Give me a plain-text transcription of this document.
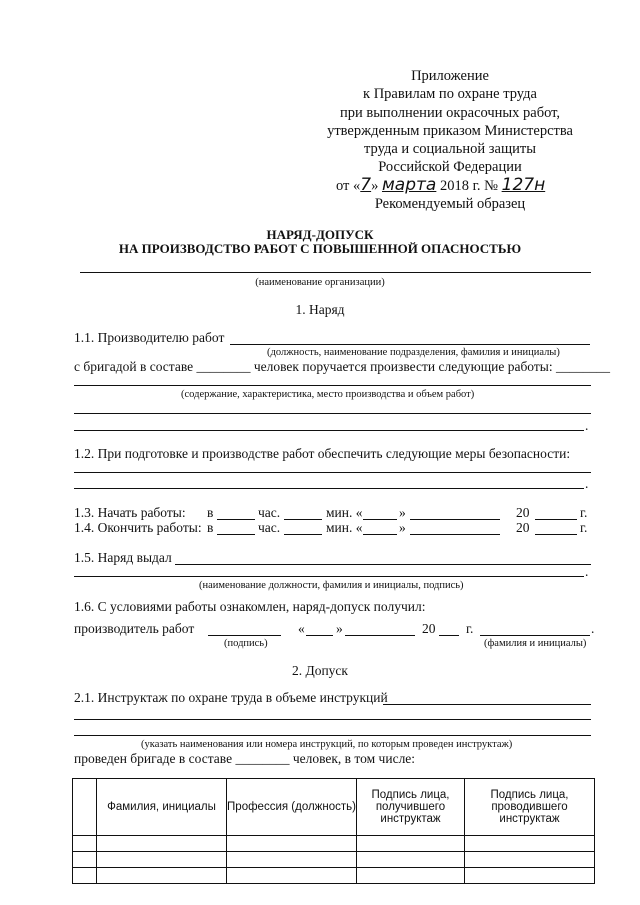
Приложение
к Правилам по охране труда
при выполнении окрасочных работ,
утвержденным приказом Министерства
труда и социальной защиты
Российской Федерации
от «7» марта 2018 г. № 127н
Рекомендуемый образец
НАРЯД-ДОПУСК
НА ПРОИЗВОДСТВО РАБОТ С ПОВЫШЕННОЙ ОПАСНОСТЬЮ
(наименование организации)
1. Наряд
1.1. Производителю работ
(должность, наименование подразделения, фамилия и инициалы)
с бригадой в составе ________ человек поручается произвести следующие работы: ________
(содержание, характеристика, место производства и объем работ)
.
1.2. При подготовке и производстве работ обеспечить следующие меры безопасности:
.
1.3. Начать работы: в	час.	мин. «	»	20	г.
1.4. Окончить работы: в	час.	мин. «	»	20	г.
1.5. Наряд выдал
.
(наименование должности, фамилия и инициалы, подпись)
1.6. С условиями работы ознакомлен, наряд-допуск получил:
производитель работ	« »	20 г.	.
(подпись)	(фамилия и инициалы)
2. Допуск
2.1. Инструктаж по охране труда в объеме инструкций
(указать наименования или номера инструкций, по которым проведен инструктаж)
проведен бригаде в составе ________ человек, в том числе:
	Фамилия, инициалы	Профессия (должность)	Подпись лица, получившего инструктаж	Подпись лица, проводившего инструктаж
